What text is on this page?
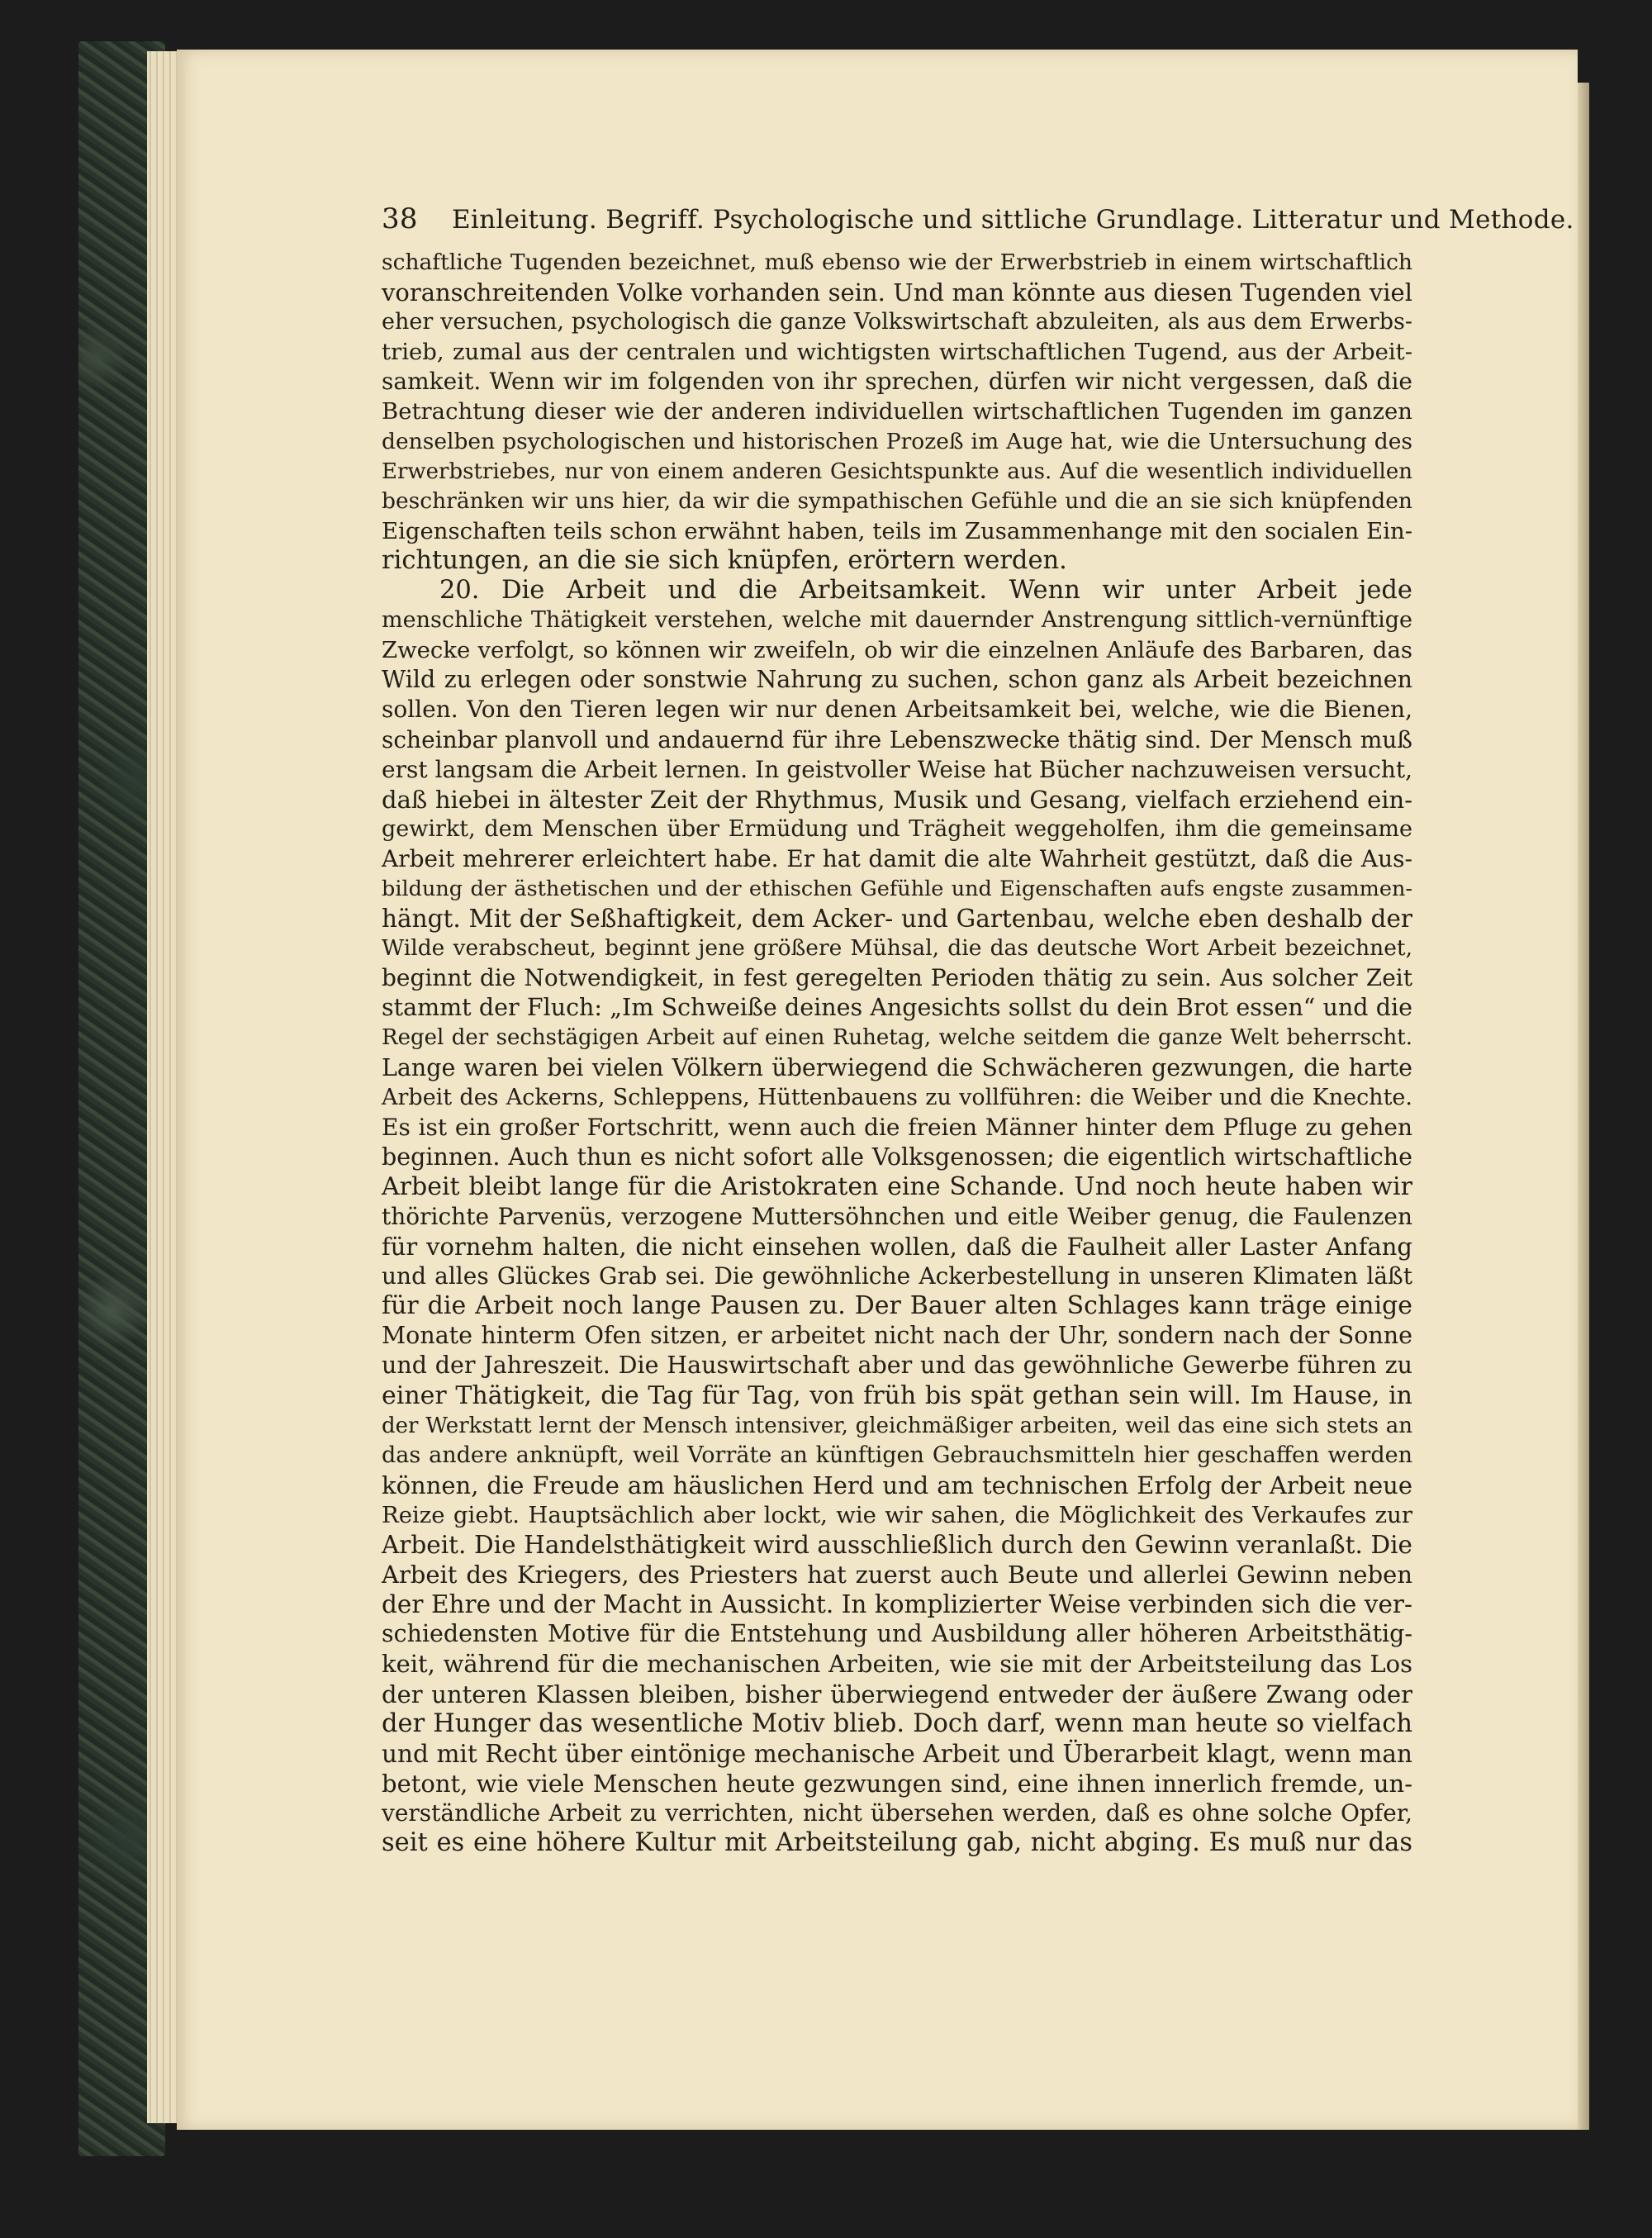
38 Einleitung. Begriff. Psychologische und sittliche Grundlage. Litteratur und Methode.
schaftliche Tugenden bezeichnet, muß ebenso wie der Erwerbstrieb in einem wirtschaftlich
voranschreitenden Volke vorhanden sein. Und man könnte aus diesen Tugenden viel
eher versuchen, psychologisch die ganze Volkswirtschaft abzuleiten, als aus dem Erwerbs-
trieb, zumal aus der centralen und wichtigsten wirtschaftlichen Tugend, aus der Arbeit-
samkeit. Wenn wir im folgenden von ihr sprechen, dürfen wir nicht vergessen, daß die
Betrachtung dieser wie der anderen individuellen wirtschaftlichen Tugenden im ganzen
denselben psychologischen und historischen Prozeß im Auge hat, wie die Untersuchung des
Erwerbstriebes, nur von einem anderen Gesichtspunkte aus. Auf die wesentlich individuellen
beschränken wir uns hier, da wir die sympathischen Gefühle und die an sie sich knüpfenden
Eigenschaften teils schon erwähnt haben, teils im Zusammenhange mit den socialen Ein-
richtungen, an die sie sich knüpfen, erörtern werden.
20. Die Arbeit und die Arbeitsamkeit. Wenn wir unter Arbeit jede
menschliche Thätigkeit verstehen, welche mit dauernder Anstrengung sittlich-vernünftige
Zwecke verfolgt, so können wir zweifeln, ob wir die einzelnen Anläufe des Barbaren, das
Wild zu erlegen oder sonstwie Nahrung zu suchen, schon ganz als Arbeit bezeichnen
sollen. Von den Tieren legen wir nur denen Arbeitsamkeit bei, welche, wie die Bienen,
scheinbar planvoll und andauernd für ihre Lebenszwecke thätig sind. Der Mensch muß
erst langsam die Arbeit lernen. In geistvoller Weise hat Bücher nachzuweisen versucht,
daß hiebei in ältester Zeit der Rhythmus, Musik und Gesang, vielfach erziehend ein-
gewirkt, dem Menschen über Ermüdung und Trägheit weggeholfen, ihm die gemeinsame
Arbeit mehrerer erleichtert habe. Er hat damit die alte Wahrheit gestützt, daß die Aus-
bildung der ästhetischen und der ethischen Gefühle und Eigenschaften aufs engste zusammen-
hängt. Mit der Seßhaftigkeit, dem Acker- und Gartenbau, welche eben deshalb der
Wilde verabscheut, beginnt jene größere Mühsal, die das deutsche Wort Arbeit bezeichnet,
beginnt die Notwendigkeit, in fest geregelten Perioden thätig zu sein. Aus solcher Zeit
stammt der Fluch: „Im Schweiße deines Angesichts sollst du dein Brot essen“ und die
Regel der sechstägigen Arbeit auf einen Ruhetag, welche seitdem die ganze Welt beherrscht.
Lange waren bei vielen Völkern überwiegend die Schwächeren gezwungen, die harte
Arbeit des Ackerns, Schleppens, Hüttenbauens zu vollführen: die Weiber und die Knechte.
Es ist ein großer Fortschritt, wenn auch die freien Männer hinter dem Pfluge zu gehen
beginnen. Auch thun es nicht sofort alle Volksgenossen; die eigentlich wirtschaftliche
Arbeit bleibt lange für die Aristokraten eine Schande. Und noch heute haben wir
thörichte Parvenüs, verzogene Muttersöhnchen und eitle Weiber genug, die Faulenzen
für vornehm halten, die nicht einsehen wollen, daß die Faulheit aller Laster Anfang
und alles Glückes Grab sei. Die gewöhnliche Ackerbestellung in unseren Klimaten läßt
für die Arbeit noch lange Pausen zu. Der Bauer alten Schlages kann träge einige
Monate hinterm Ofen sitzen, er arbeitet nicht nach der Uhr, sondern nach der Sonne
und der Jahreszeit. Die Hauswirtschaft aber und das gewöhnliche Gewerbe führen zu
einer Thätigkeit, die Tag für Tag, von früh bis spät gethan sein will. Im Hause, in
der Werkstatt lernt der Mensch intensiver, gleichmäßiger arbeiten, weil das eine sich stets an
das andere anknüpft, weil Vorräte an künftigen Gebrauchsmitteln hier geschaffen werden
können, die Freude am häuslichen Herd und am technischen Erfolg der Arbeit neue
Reize giebt. Hauptsächlich aber lockt, wie wir sahen, die Möglichkeit des Verkaufes zur
Arbeit. Die Handelsthätigkeit wird ausschließlich durch den Gewinn veranlaßt. Die
Arbeit des Kriegers, des Priesters hat zuerst auch Beute und allerlei Gewinn neben
der Ehre und der Macht in Aussicht. In komplizierter Weise verbinden sich die ver-
schiedensten Motive für die Entstehung und Ausbildung aller höheren Arbeitsthätig-
keit, während für die mechanischen Arbeiten, wie sie mit der Arbeitsteilung das Los
der unteren Klassen bleiben, bisher überwiegend entweder der äußere Zwang oder
der Hunger das wesentliche Motiv blieb. Doch darf, wenn man heute so vielfach
und mit Recht über eintönige mechanische Arbeit und Überarbeit klagt, wenn man
betont, wie viele Menschen heute gezwungen sind, eine ihnen innerlich fremde, un-
verständliche Arbeit zu verrichten, nicht übersehen werden, daß es ohne solche Opfer,
seit es eine höhere Kultur mit Arbeitsteilung gab, nicht abging. Es muß nur das
